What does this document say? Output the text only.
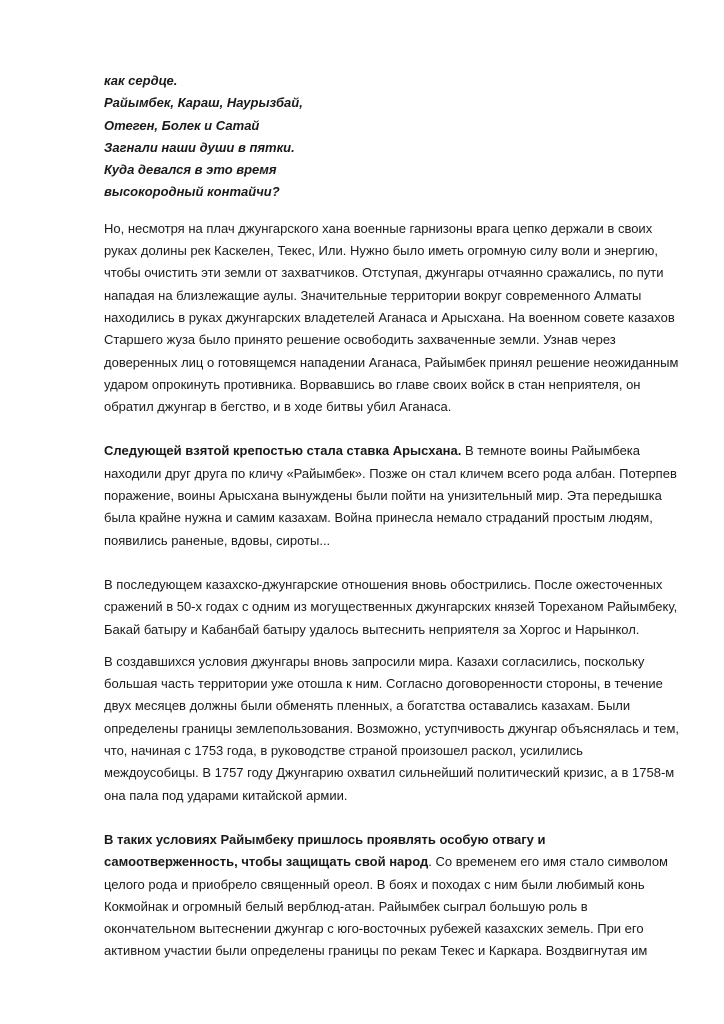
как сердце.
Райымбек, Караш, Наурызбай,
Отеген, Болек и Сатай
Загнали наши души в пятки.
Куда девался в это время
высокородный контайчи?
Но, несмотря на плач джунгарского хана военные гарнизоны врага цепко держали в своих
руках долины рек Каскелен, Текес, Или. Нужно было иметь огромную силу воли и энергию,
чтобы очистить эти земли от захватчиков. Отступая, джунгары отчаянно сражались, по пути
нападая на близлежащие аулы. Значительные территории вокруг современного Алматы
находились в руках джунгарских владетелей Аганаса и Арысхана. На военном совете казахов
Старшего жуза было принято решение освободить захваченные земли. Узнав через
доверенных лиц о готовящемся нападении Аганаса, Райымбек принял решение неожиданным
ударом опрокинуть противника. Ворвавшись во главе своих войск в стан неприятеля, он
обратил джунгар в бегство, и в ходе битвы убил Аганаса.
Следующей взятой крепостью стала ставка Арысхана. В темноте воины Райымбека
находили друг друга по кличу «Райымбек». Позже он стал кличем всего рода албан. Потерпев
поражение, воины Арысхана вынуждены были пойти на унизительный мир. Эта передышка
была крайне нужна и самим казахам. Война принесла немало страданий простым людям,
появились раненые, вдовы, сироты...
В последующем казахско-джунгарские отношения вновь обострились. После ожесточенных
сражений в 50-х годах с одним из могущественных джунгарских князей Тореханом Райымбеку,
Бакай батыру и Кабанбай батыру удалось вытеснить неприятеля за Хоргос и Нарынкол.
В создавшихся условия джунгары вновь запросили мира. Казахи согласились, поскольку
большая часть территории уже отошла к ним. Согласно договоренности стороны, в течение
двух месяцев должны были обменять пленных, а богатства оставались казахам. Были
определены границы землепользования. Возможно, уступчивость джунгар объяснялась и тем,
что, начиная с 1753 года, в руководстве страной произошел раскол, усилились
междоусобицы. В 1757 году Джунгарию охватил сильнейший политический кризис, а в 1758-м
она пала под ударами китайской армии.
В таких условиях Райымбеку пришлось проявлять особую отвагу и
самоотверженность, чтобы защищать свой народ. Со временем его имя стало символом
целого рода и приобрело священный ореол. В боях и походах с ним были любимый конь
Кокмойнак и огромный белый верблюд-атан. Райымбек сыграл большую роль в
окончательном вытеснении джунгар с юго-восточных рубежей казахских земель. При его
активном участии были определены границы по рекам Текес и Каркара. Воздвигнутая им
